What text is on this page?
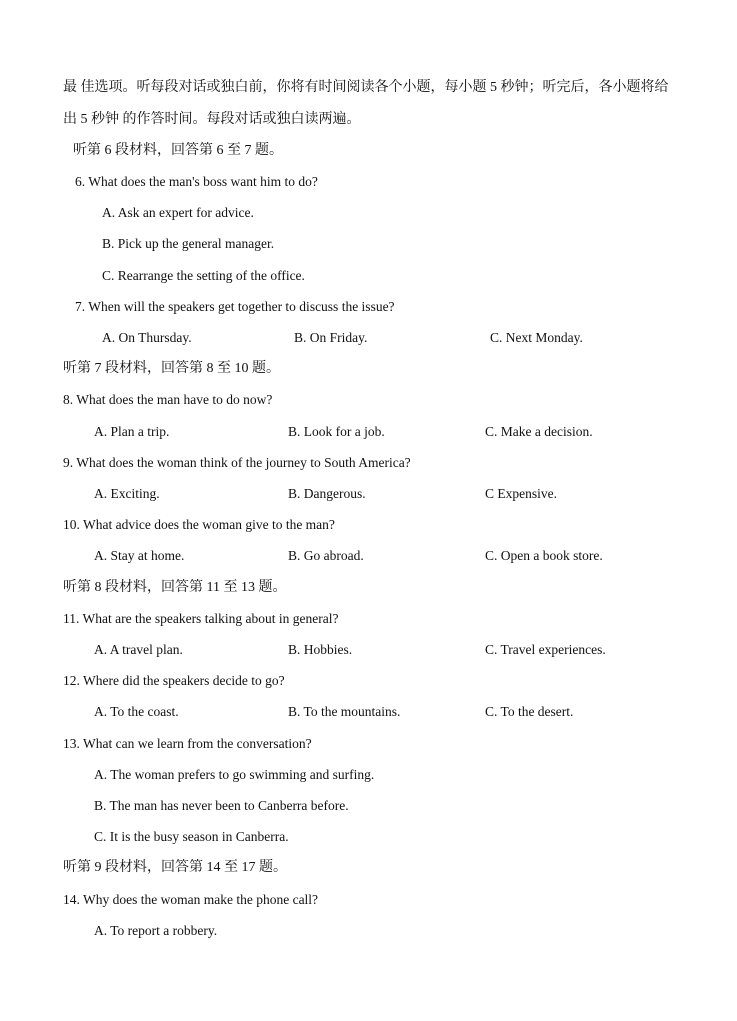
最 佳选项。听每段对话或独白前，你将有时间阅读各个小题，每小题 5 秒钟；听完后，各小题将给
出 5 秒钟 的作答时间。每段对话或独白读两遍。
听第 6 段材料，回答第 6 至 7 题。
6. What does the man's boss want him to do?
A. Ask an expert for advice.
B. Pick up the general manager.
C. Rearrange the setting of the office.
7. When will the speakers get together to discuss the issue?
A. On Thursday.	B. On Friday.	C. Next Monday.
听第 7 段材料，回答第 8 至 10 题。
8. What does the man have to do now?
A. Plan a trip.	B. Look for a job.	C. Make a decision.
9. What does the woman think of the journey to South America?
A. Exciting.	B. Dangerous.	C Expensive.
10. What advice does the woman give to the man?
A. Stay at home.	B. Go abroad.	C. Open a book store.
听第 8 段材料，回答第 11 至 13 题。
11. What are the speakers talking about in general?
A. A travel plan.	B. Hobbies.	C. Travel experiences.
12. Where did the speakers decide to go?
A. To the coast.	B. To the mountains.	C. To the desert.
13. What can we learn from the conversation?
A. The woman prefers to go swimming and surfing.
B. The man has never been to Canberra before.
C. It is the busy season in Canberra.
听第 9 段材料，回答第 14 至 17 题。
14. Why does the woman make the phone call?
A. To report a robbery.
